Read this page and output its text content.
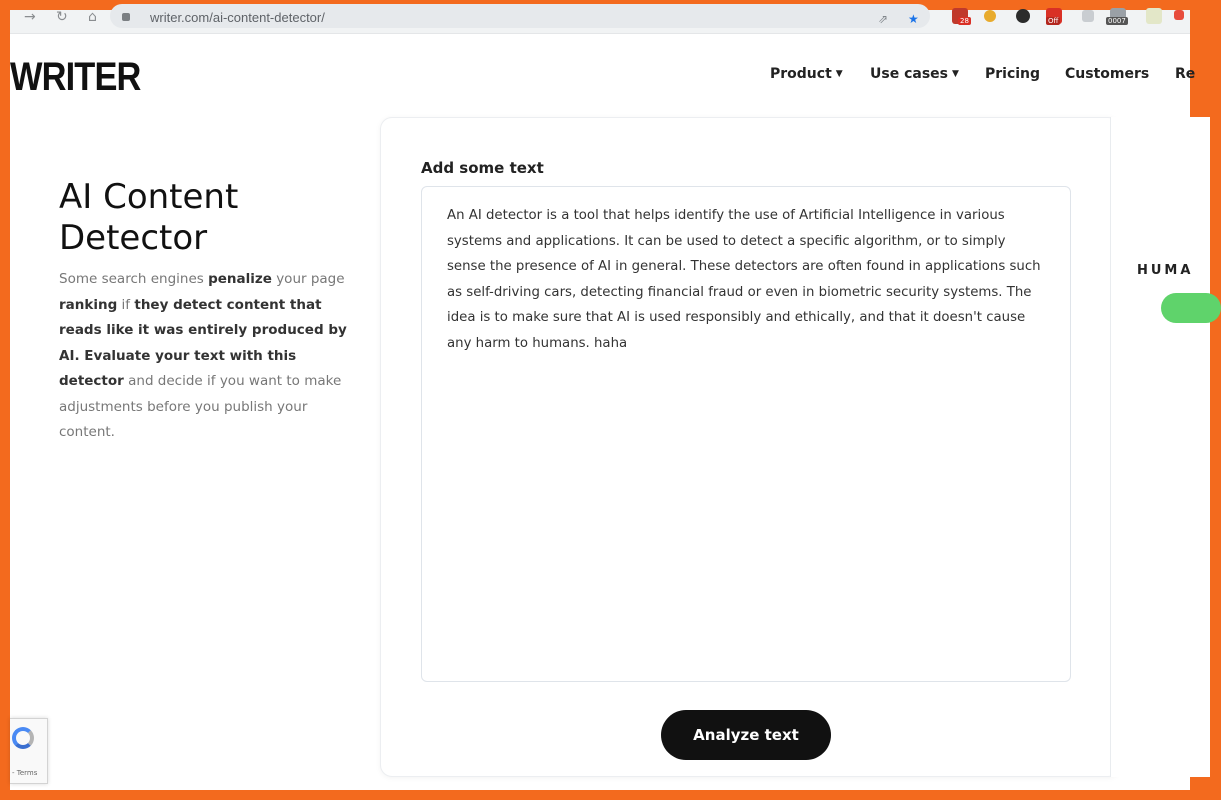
→ ↻ ⌂	writer.com/ai-content-detector/	⇗ ★	28	Off	0007
WRITER	Product ▼ Use cases ▼ Pricing Customers Re
AI Content Detector

Some search engines penalize your page ranking if they detect content that reads like it was entirely produced by AI. Evaluate your text with this detector and decide if you want to make adjustments before you publish your content.

Add some text
An AI detector is a tool that helps identify the use of Artificial Intelligence in various systems and applications. It can be used to detect a specific algorithm, or to simply sense the presence of AI in general. These detectors are often found in applications such as self-driving cars, detecting financial fraud or even in biometric security systems. The idea is to make sure that AI is used responsibly and ethically, and that it doesn't cause any harm to humans. haha
Analyze text
HUMA
- Terms
